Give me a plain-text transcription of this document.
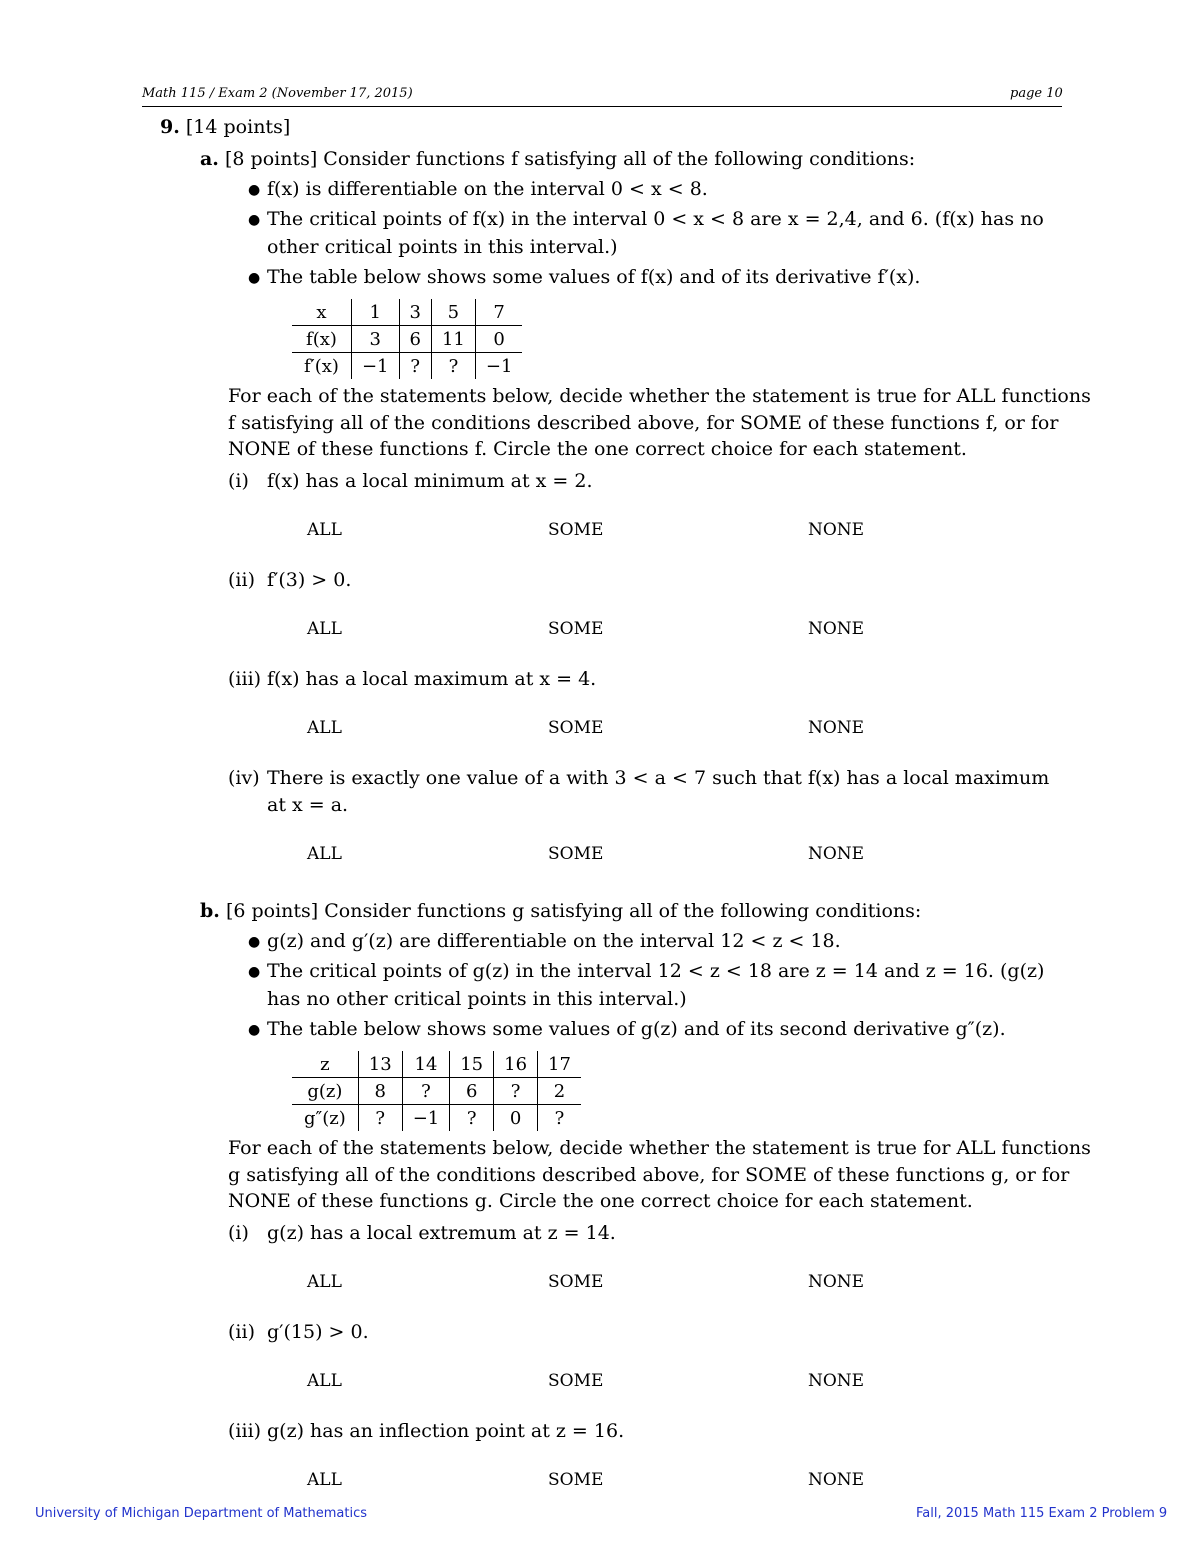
Math 115 / Exam 2 (November 17, 2015)	page 10
9. [14 points]
a. [8 points] Consider functions f satisfying all of the following conditions:
● f(x) is differentiable on the interval 0 < x < 8.
● The critical points of f(x) in the interval 0 < x < 8 are x = 2,4, and 6. (f(x) has no
other critical points in this interval.)
● The table below shows some values of f(x) and of its derivative f′(x).
x	1	3	5	7
f(x)	3	6	11	0
f′(x)	−1	?	?	−1
For each of the statements below, decide whether the statement is true for ALL functions
f satisfying all of the conditions described above, for SOME of these functions f, or for
NONE of these functions f. Circle the one correct choice for each statement.
(i) f(x) has a local minimum at x = 2.
ALL	SOME	NONE
(ii) f′(3) > 0.
ALL	SOME	NONE
(iii) f(x) has a local maximum at x = 4.
ALL	SOME	NONE
(iv) There is exactly one value of a with 3 < a < 7 such that f(x) has a local maximum
at x = a.
ALL	SOME	NONE
b. [6 points] Consider functions g satisfying all of the following conditions:
● g(z) and g′(z) are differentiable on the interval 12 < z < 18.
● The critical points of g(z) in the interval 12 < z < 18 are z = 14 and z = 16. (g(z)
has no other critical points in this interval.)
● The table below shows some values of g(z) and of its second derivative g″(z).
z	13	14	15	16	17
g(z)	8	?	6	?	2
g″(z)	?	−1	?	0	?
For each of the statements below, decide whether the statement is true for ALL functions
g satisfying all of the conditions described above, for SOME of these functions g, or for
NONE of these functions g. Circle the one correct choice for each statement.
(i) g(z) has a local extremum at z = 14.
ALL	SOME	NONE
(ii) g′(15) > 0.
ALL	SOME	NONE
(iii) g(z) has an inflection point at z = 16.
ALL	SOME	NONE
University of Michigan Department of Mathematics	Fall, 2015 Math 115 Exam 2 Problem 9
